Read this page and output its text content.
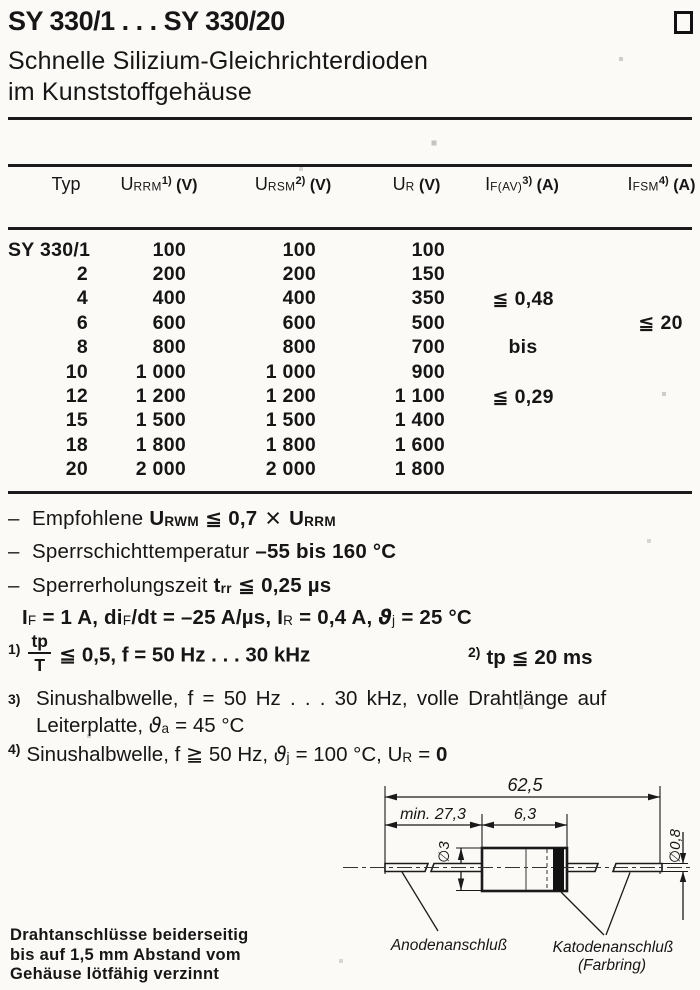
SY 330/1 . . . SY 330/20
Schnelle Silizium-Gleichrichterdioden
im Kunststoffgehäuse
Typ	URRM$^{1)}$ (V)	URSM$^{2)}$ (V)	UR (V)	IF(AV)$^{3)}$ (A)	IFSM$^{4)}$ (A)

SY 330/1	100	100	100		
2	200	200	150		
4	400	400	350	≦ 0,48	
6	600	600	500		≦ 20
8	800	800	700	bis	
10	1 000	1 000	900		
12	1 200	1 200	1 100	≦ 0,29	
15	1 500	1 500	1 400		
18	1 800	1 800	1 600		
20	2 000	2 000	1 800		
– Empfohlene URWM ≦ 0,7 × URRM
– Sperrschichttemperatur –55 bis 160 °C
– Sperrerholungszeit trr ≦ 0,25 µs
IF = 1 A, diF/dt = –25 A/µs, IR = 0,4 A, ϑj = 25 °C
$^{1)} \frac{tp}{T}$ ≦ 0,5, f = 50 Hz . . . 30 kHz	$^{2)}$ tp ≦ 20 ms
3) Sinushalbwelle, f = 50 Hz . . . 30 kHz, volle Drahtlänge auf
Leiterplatte, ϑa = 45 °C
$^{4)}$ Sinushalbwelle, f ≧ 50 Hz, ϑj = 100 °C, UR = 0
62,5
min. 27,3	6,3
∅3	∅0,8
Anodenanschluß	Katodenanschluß
(Farbring)
Drahtanschlüsse beiderseitig
bis auf 1,5 mm Abstand vom
Gehäuse lötfähig verzinnt
